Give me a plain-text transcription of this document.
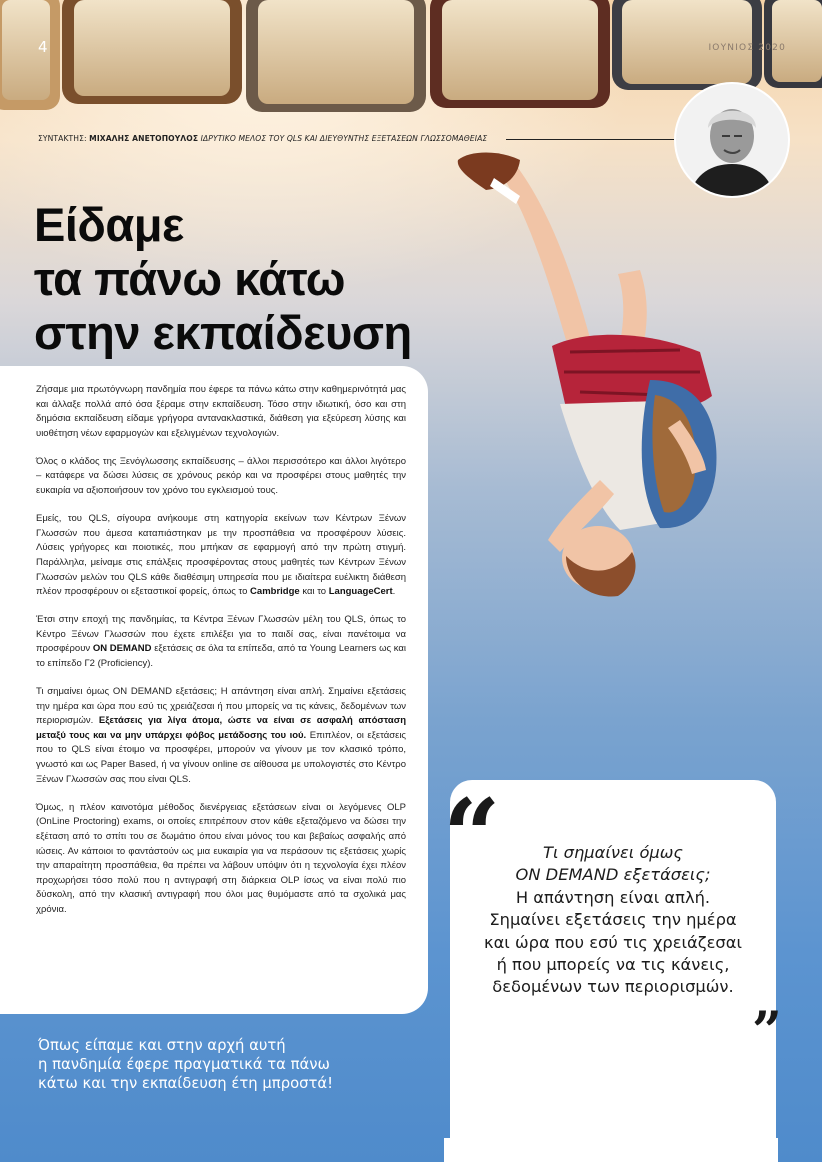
4	ΙΟΥΝΙΟΣ 2020
ΣΥΝΤΑΚΤΗΣ: ΜΙΧΑΛΗΣ ΑΝΕΤΟΠΟΥΛΟΣ ΙΔΡΥΤΙΚΟ ΜΕΛΟΣ ΤΟΥ QLS ΚΑΙ ΔΙΕΥΘΥΝΤΗΣ ΕΞΕΤΑΣΕΩΝ ΓΛΩΣΣΟΜΑΘΕΙΑΣ
Είδαμε
τα πάνω κάτω
στην εκπαίδευση

Ζήσαμε μια πρωτόγνωρη πανδημία που έφερε τα πάνω κάτω στην καθημερινότητά μας και άλλαξε πολλά από όσα ξέραμε στην εκπαίδευση. Τόσο στην ιδιωτική, όσο και στη δημόσια εκπαίδευση είδαμε γρήγορα αντανακλαστικά, διάθεση για εξεύρεση λύσης και υιοθέτηση νέων εφαρμογών και εξελιγμένων τεχνολογιών.

Όλος ο κλάδος της Ξενόγλωσσης εκπαίδευσης – άλλοι περισσότερο και άλλοι λιγότερο – κατάφερε να δώσει λύσεις σε χρόνους ρεκόρ και να προσφέρει στους μαθητές την ευκαιρία να αξιοποιήσουν τον χρόνο του εγκλεισμού τους.

Εμείς, του QLS, σίγουρα ανήκουμε στη κατηγορία εκείνων των Κέντρων Ξένων Γλωσσών που άμεσα καταπιάστηκαν με την προσπάθεια να προσφέρουν λύσεις. Λύσεις γρήγορες και ποιοτικές, που μπήκαν σε εφαρμογή από την πρώτη στιγμή. Παράλληλα, μείναμε στις επάλξεις προσφέροντας στους μαθητές των Κέντρων Ξένων Γλωσσών μελών του QLS κάθε διαθέσιμη υπηρεσία που με ιδιαίτερα ευέλικτη διάθεση πλέον προσφέρουν οι εξεταστικοί φορείς, όπως το Cambridge και το LanguageCert.

Έτσι στην εποχή της πανδημίας, τα Κέντρα Ξένων Γλωσσών μέλη του QLS, όπως το Κέντρο Ξένων Γλωσσών που έχετε επιλέξει για το παιδί σας, είναι πανέτοιμα να προσφέρουν ON DEMAND εξετάσεις σε όλα τα επίπεδα, από τα Young Learners ως και το επίπεδο Γ2 (Proficiency).

Τι σημαίνει όμως ON DEMAND εξετάσεις; Η απάντηση είναι απλή. Σημαίνει εξετάσεις την ημέρα και ώρα που εσύ τις χρειάζεσαι ή που μπορείς να τις κάνεις, δεδομένων των περιορισμών. Εξετάσεις για λίγα άτομα, ώστε να είναι σε ασφαλή απόσταση μεταξύ τους και να μην υπάρχει φόβος μετάδοσης του ιού. Επιπλέον, οι εξετάσεις που το QLS είναι έτοιμο να προσφέρει, μπορούν να γίνουν με τον κλασικό τρόπο, γνωστό και ως Paper Based, ή να γίνουν online σε αίθουσα με υπολογιστές στο Κέντρο Ξένων Γλωσσών σας που είναι QLS.

Όμως, η πλέον καινοτόμα μέθοδος διενέργειας εξετάσεων είναι οι λεγόμενες OLP (OnLine Proctoring) exams, οι οποίες επιτρέπουν στον κάθε εξεταζόμενο να δώσει την εξέταση από το σπίτι του σε δωμάτιο όπου είναι μόνος του και βεβαίως ασφαλής από ιώσεις. Αν κάποιοι το φαντάστούν ως μια ευκαιρία για να περάσουν τις εξετάσεις χωρίς την απαραίτητη προσπάθεια, θα πρέπει να λάβουν υπόψιν ότι η τεχνολογία έχει πλέον προχωρήσει τόσο πολύ που η αντιγραφή στη διάρκεια OLP ίσως να είναι πολύ πιο δύσκολη, από την κλασική αντιγραφή που όλοι μας θυμόμαστε από τα σχολικά μας χρόνια.

Όπως είπαμε και στην αρχή αυτή
η πανδημία έφερε πραγματικά τα πάνω
κάτω και την εκπαίδευση έτη μπροστά!
“	Τι σημαίνει όμως
ON DEMAND εξετάσεις;
Η απάντηση είναι απλή.
Σημαίνει εξετάσεις την ημέρα
και ώρα που εσύ τις χρειάζεσαι
ή που μπορείς να τις κάνεις,
δεδομένων των περιορισμών.
”
